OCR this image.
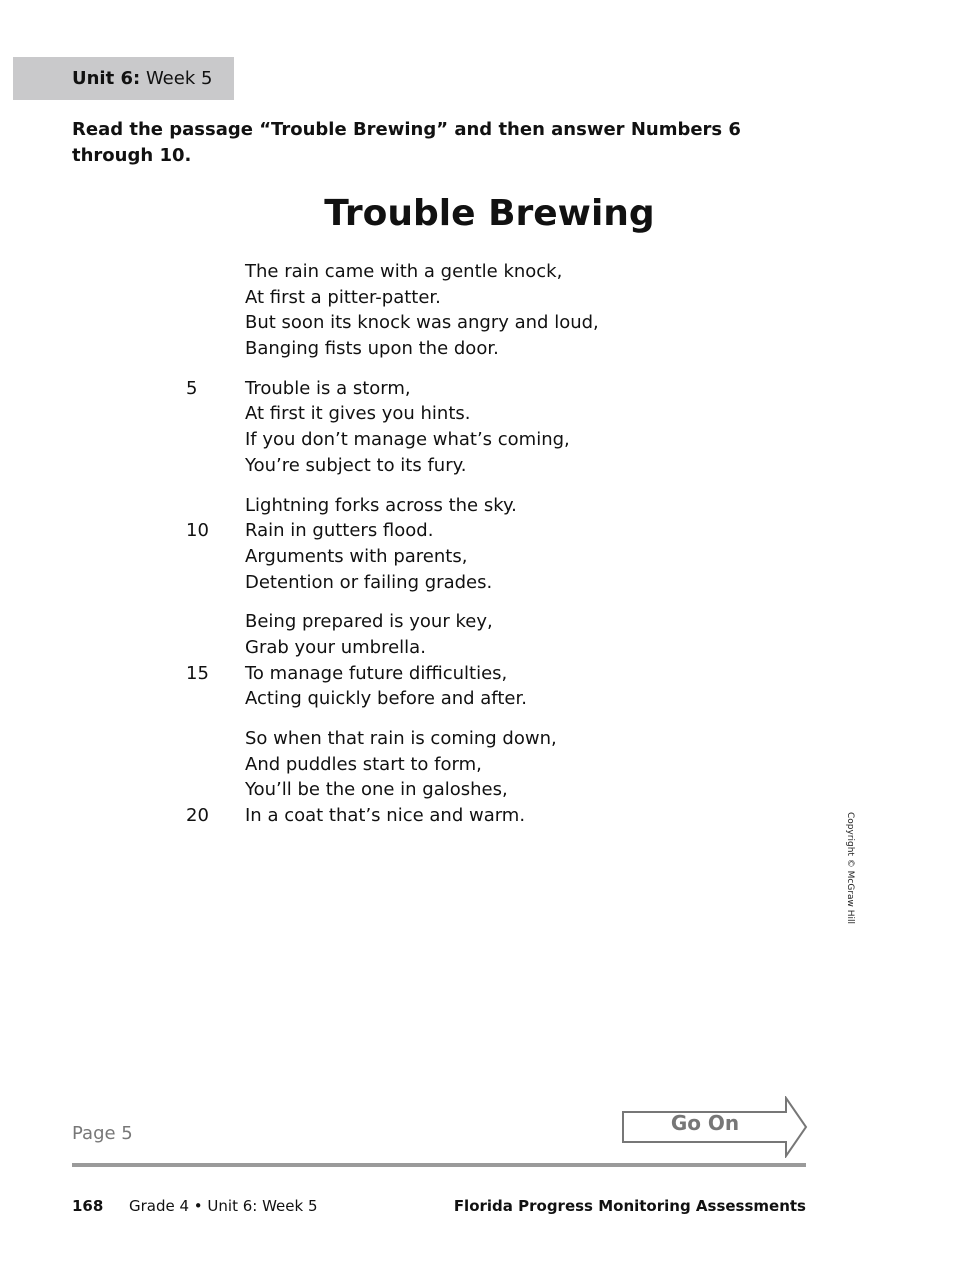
Unit 6: Week 5
Read the passage “Trouble Brewing” and then answer Numbers 6 through 10.
Trouble Brewing
The rain came with a gentle knock,
At first a pitter-patter.
But soon its knock was angry and loud,
Banging fists upon the door.
5	Trouble is a storm,
At first it gives you hints.
If you don’t manage what’s coming,
You’re subject to its fury.
Lightning forks across the sky.
10	Rain in gutters flood.
Arguments with parents,
Detention or failing grades.
Being prepared is your key,
Grab your umbrella.
15	To manage future difficulties,
Acting quickly before and after.
So when that rain is coming down,
And puddles start to form,
You’ll be the one in galoshes,
20	In a coat that’s nice and warm.	Copyright © McGraw Hill
Page 5	Go On
168 Grade 4 • Unit 6: Week 5	Florida Progress Monitoring Assessments
